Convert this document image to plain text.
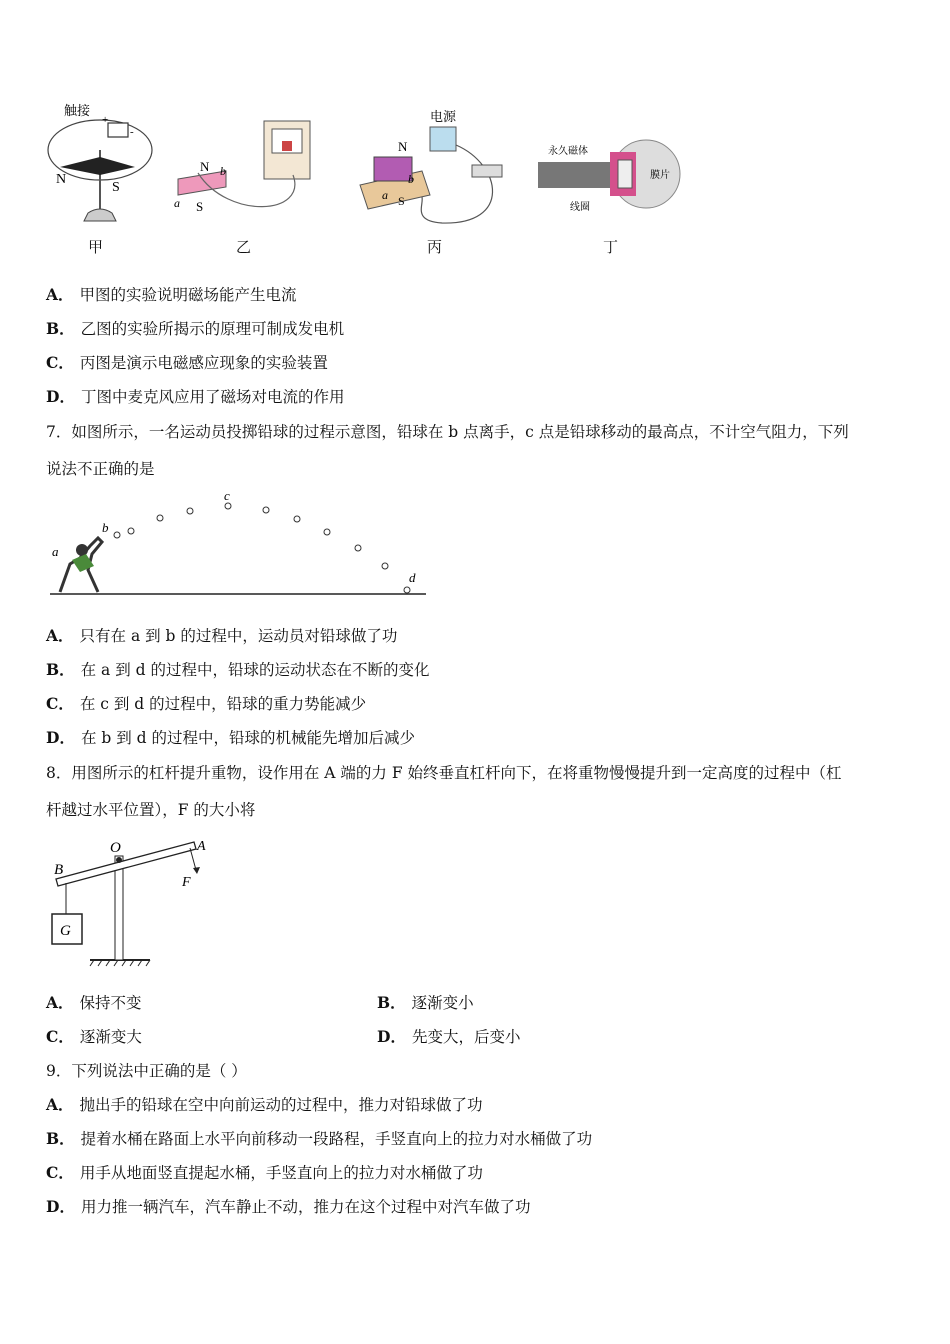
触接
+
-
N
S
甲
N
S
a
b
乙
电源
N
S
a
b
丙
永久磁体
线圈
膜片
丁
A． 甲图的实验说明磁场能产生电流
B． 乙图的实验所揭示的原理可制成发电机
C． 丙图是演示电磁感应现象的实验装置
D． 丁图中麦克风应用了磁场对电流的作用
7．如图所示，一名运动员投掷铅球的过程示意图，铅球在 b 点离手，c 点是铅球移动的最高点，不计空气阻力，下列
说法不正确的是
a
b
c
d
A． 只有在 a 到 b 的过程中，运动员对铅球做了功
B． 在 a 到 d 的过程中，铅球的运动状态在不断的变化
C． 在 c 到 d 的过程中，铅球的重力势能减少
D． 在 b 到 d 的过程中，铅球的机械能先增加后减少
8．用图所示的杠杆提升重物，设作用在 A 端的力 F 始终垂直杠杆向下，在将重物慢慢提升到一定高度的过程中（杠
杆越过水平位置），F 的大小将
O	A
B
F
G
A． 保持不变	B． 逐渐变小
C． 逐渐变大	D． 先变大，后变小
9．下列说法中正确的是（ ）
A． 抛出手的铅球在空中向前运动的过程中，推力对铅球做了功
B． 提着水桶在路面上水平向前移动一段路程，手竖直向上的拉力对水桶做了功
C． 用手从地面竖直提起水桶，手竖直向上的拉力对水桶做了功
D． 用力推一辆汽车，汽车静止不动，推力在这个过程中对汽车做了功
